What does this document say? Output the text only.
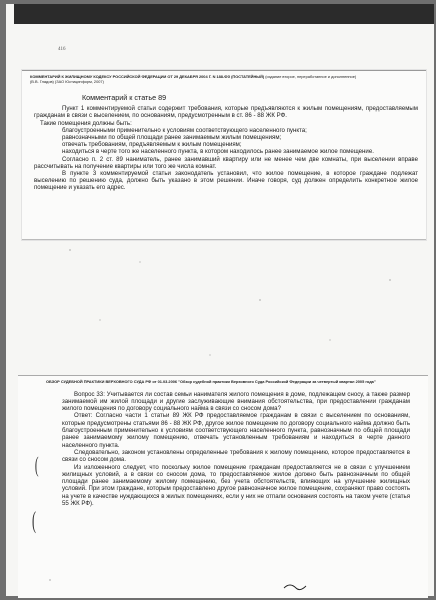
416
КОММЕНТАРИЙ К ЖИЛИЩНОМУ КОДЕКСУ РОССИЙСКОЙ ФЕДЕРАЦИИ ОТ 29 ДЕКАБРЯ 2004 Г. N 188-ФЗ (ПОСТАТЕЙНЫЙ) (издание второе, переработанное и дополненное)
(В.В. Гладов) (ЗАО Юстицинформ, 2007)
Комментарий к статье 89

Пункт 1 комментируемой статьи содержит требования, которые предъявляются к жилым помещениям, предоставляемым гражданам в связи с выселением, по основаниям, предусмотренным в ст. 86 - 88 ЖК РФ.

Такие помещения должны быть:

благоустроенными применительно к условиям соответствующего населенного пункта;

равнозначными по общей площади ранее занимаемым жилым помещениям;

отвечать требованиям, предъявляемым к жилым помещениям;

находиться в черте того же населенного пункта, в котором находилось ранее занимаемое жилое помещение.

Согласно п. 2 ст. 89 наниматель, ранее занимавший квартиру или не менее чем две комнаты, при выселении вправе рассчитывать на получение квартиры или того же числа комнат.

В пункте 3 комментируемой статьи законодатель установил, что жилое помещение, в которое граждане подлежат выселению по решению суда, должно быть указано в этом решении. Иначе говоря, суд должен определить конкретное жилое помещение и указать его адрес.

ОБЗОР СУДЕБНОЙ ПРАКТИКИ ВЕРХОВНОГО СУДА РФ от 01.03.2006 "Обзор судебной практики Верховного Суда Российской Федерации за четвертый квартал 2005 года"

Вопрос 33: Учитывается ли состав семьи нанимателя жилого помещения в доме, подлежащем сносу, а также размер занимаемой им жилой площади и другие заслуживающие внимания обстоятельства, при предоставлении гражданам жилого помещения по договору социального найма в связи со сносом дома?

Ответ: Согласно части 1 статьи 89 ЖК РФ предоставляемое гражданам в связи с выселением по основаниям, которые предусмотрены статьями 86 - 88 ЖК РФ, другое жилое помещение по договору социального найма должно быть благоустроенным применительно к условиям соответствующего населенного пункта, равнозначным по общей площади ранее занимаемому жилому помещению, отвечать установленным требованиям и находиться в черте данного населенного пункта.

Следовательно, законом установлены определенные требования к жилому помещению, которое предоставляется в связи со сносом дома.

Из изложенного следует, что поскольку жилое помещение гражданам предоставляется не в связи с улучшением жилищных условий, а в связи со сносом дома, то предоставляемое жилое должно быть равнозначным по общей площади ранее занимаемому жилому помещению, без учета обстоятельств, влияющих на улучшение жилищных условий. При этом граждане, которым предоставлено другое равнозначное жилое помещение, сохраняют право состоять на учете в качестве нуждающихся в жилых помещениях, если у них не отпали основания состоять на таком учете (статья 55 ЖК РФ).

(
(
